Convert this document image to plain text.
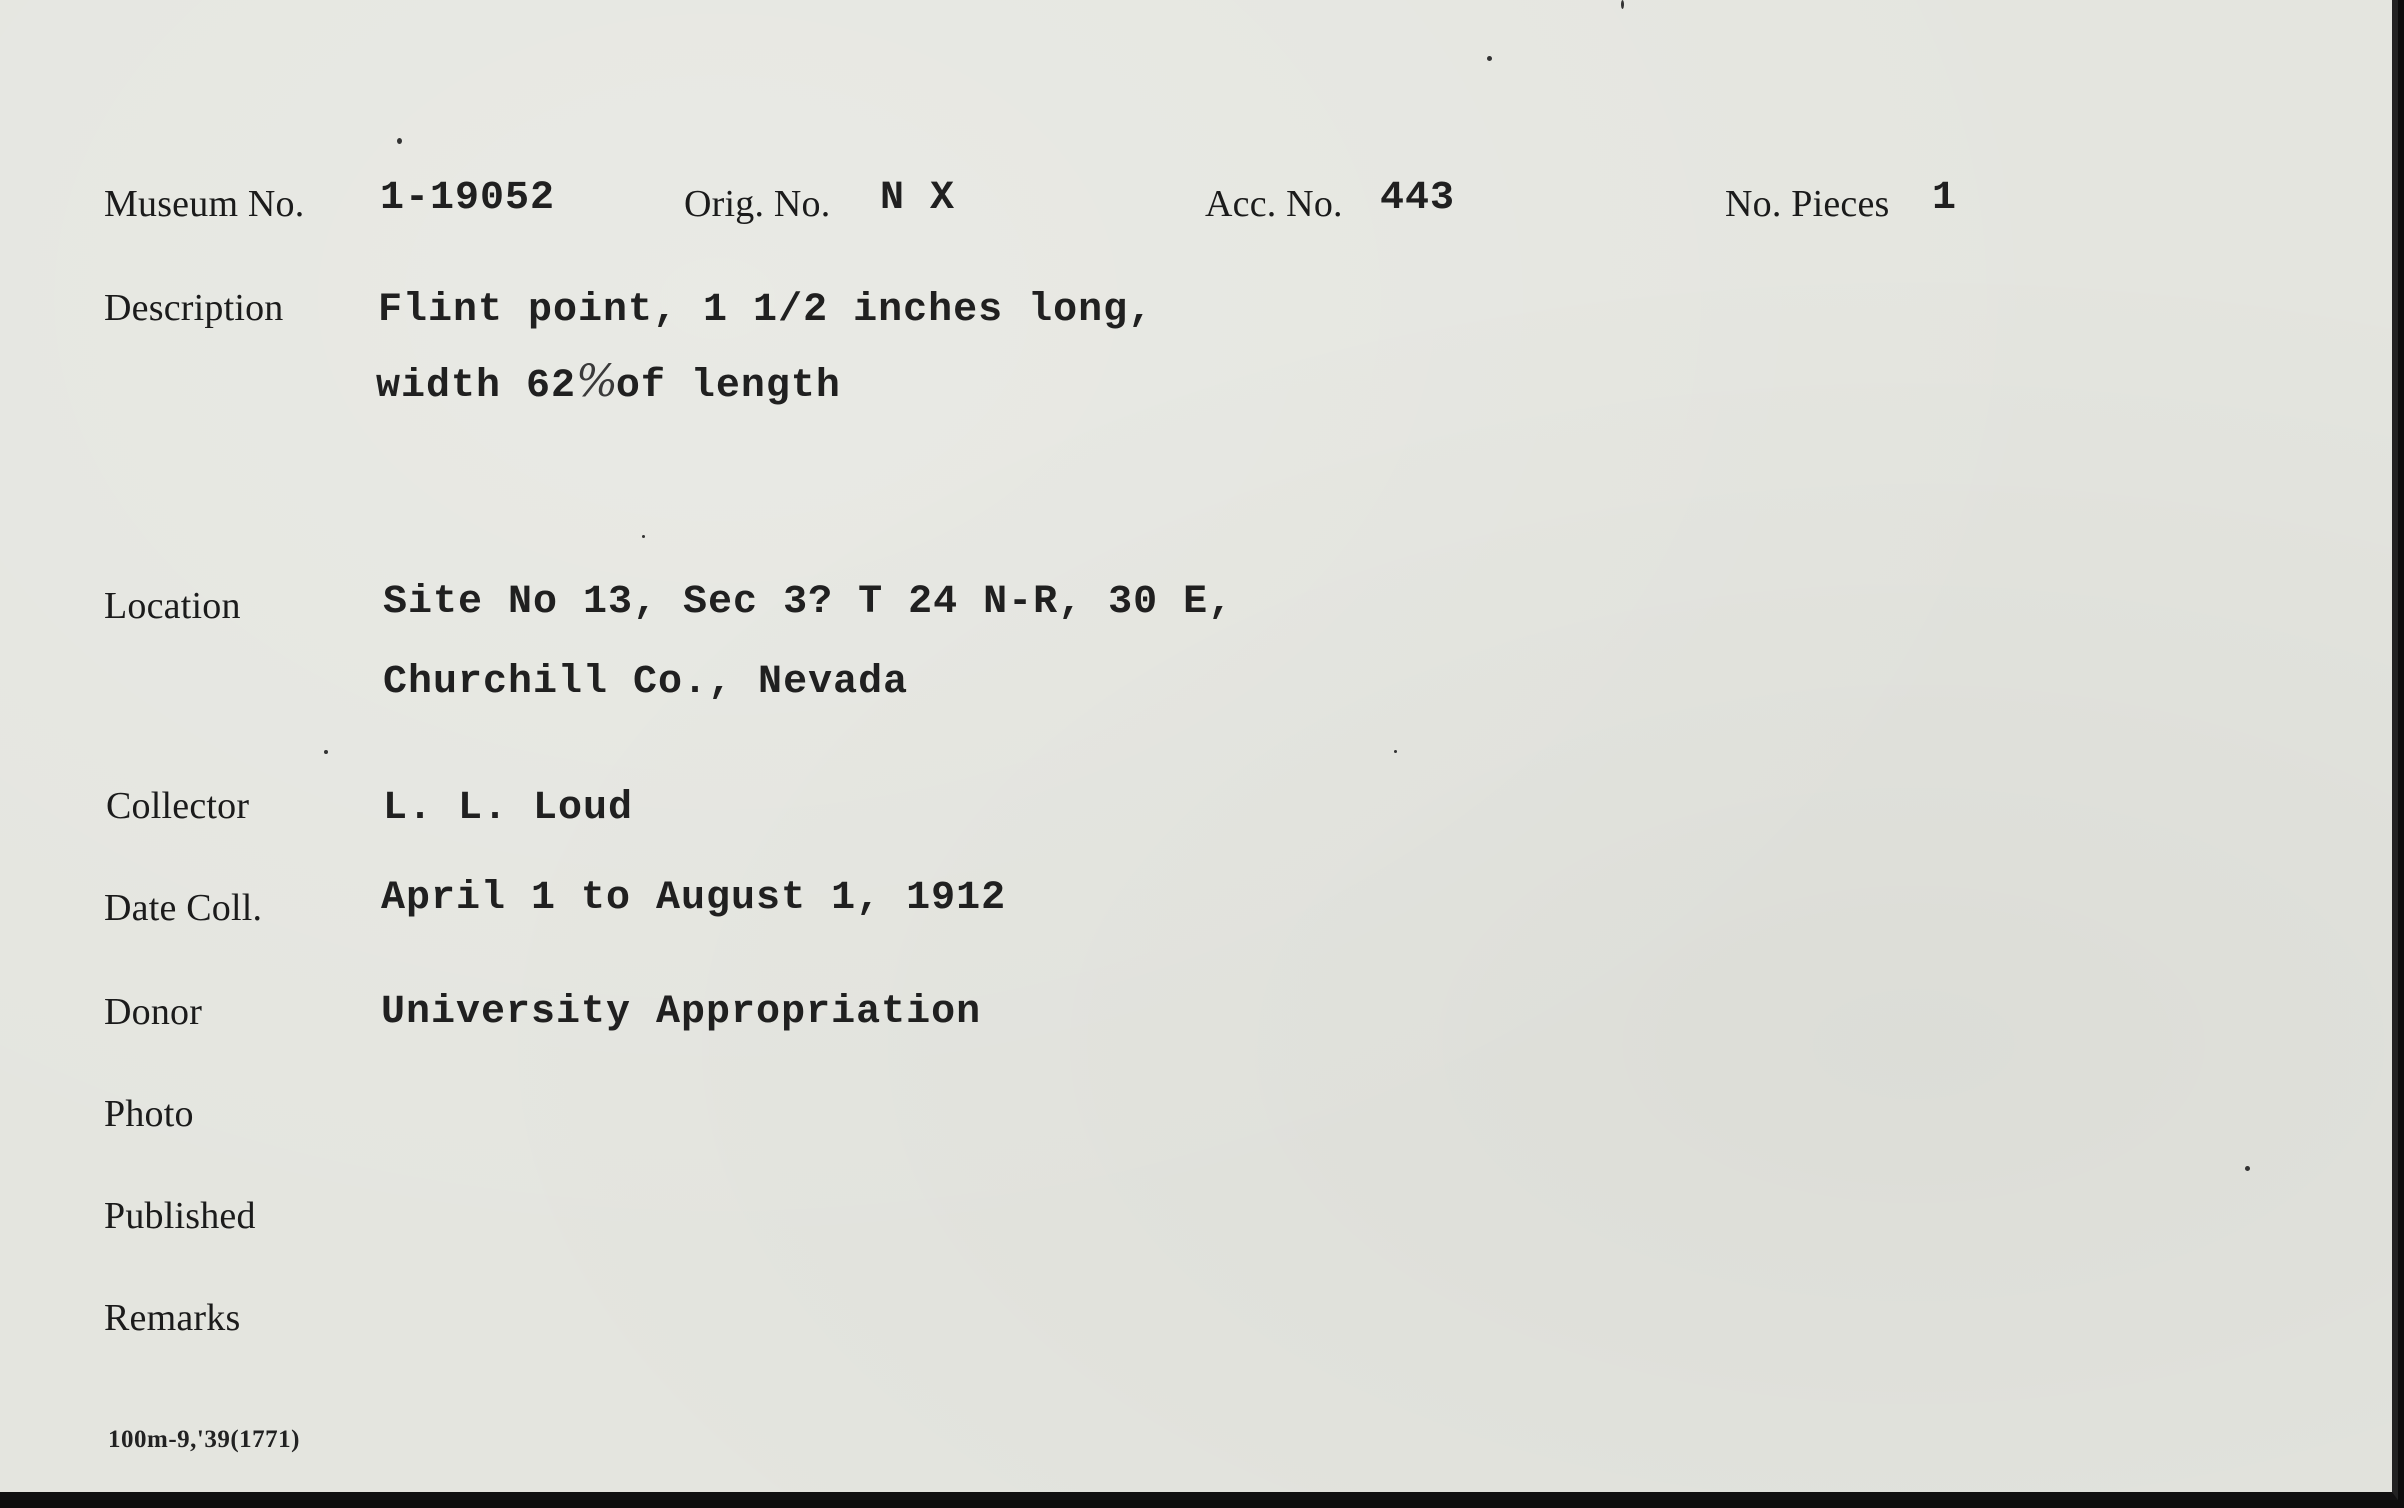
Museum No. 1-19052	Orig. No. N X	Acc. No. 443	No. Pieces 1
Description Flint point, 1 1/2 inches long,
width 62%of length
Location	Site No 13, Sec 3? T 24 N-R, 30 E,
Churchill Co., Nevada
Collector	L. L. Loud
Date Coll.	April 1 to August 1, 1912
Donor	University Appropriation
Photo
Published
Remarks
100m-9,'39(1771)
